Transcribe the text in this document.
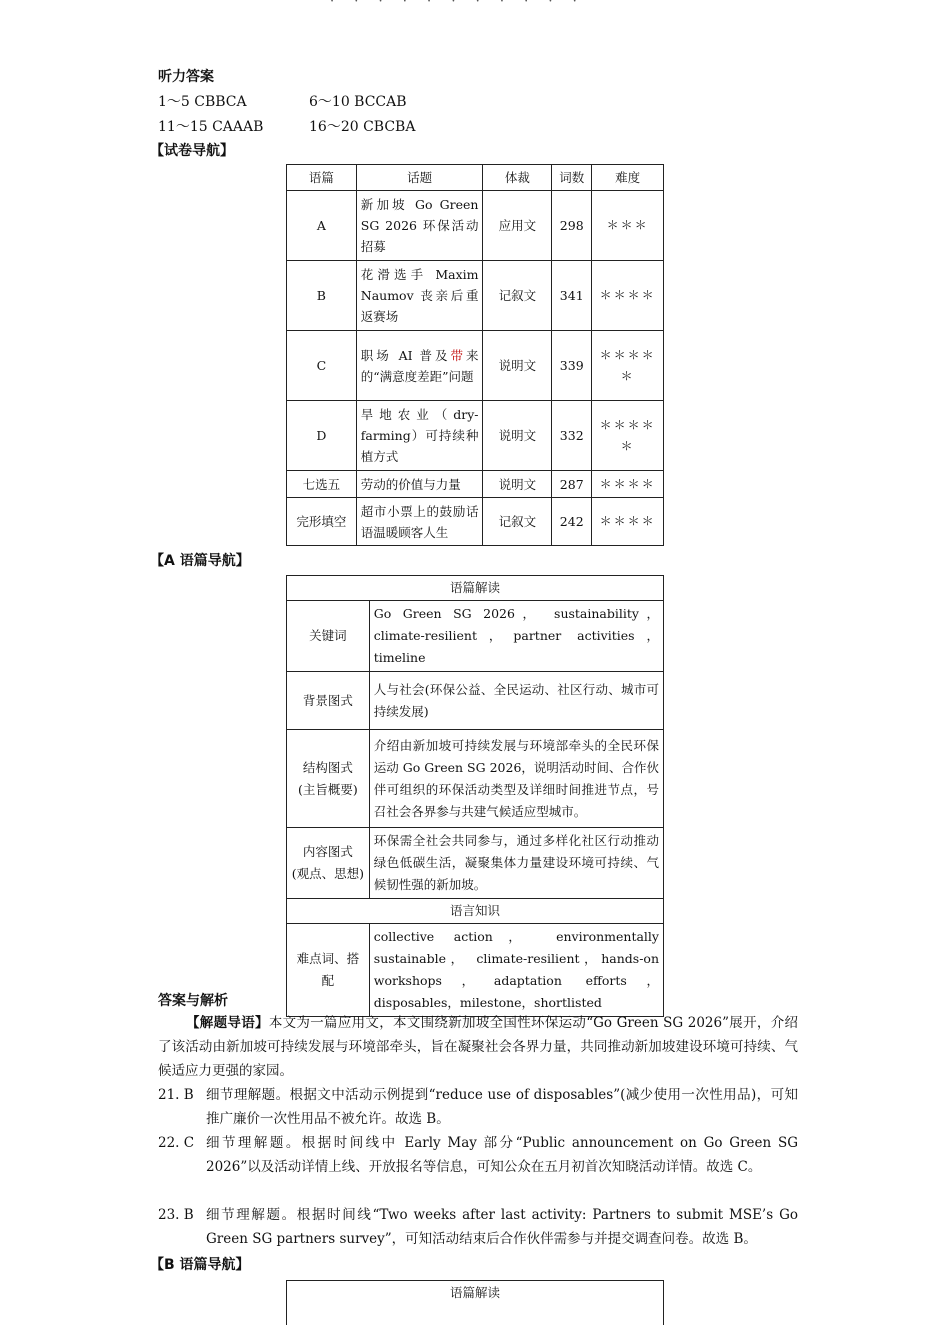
· · · · · · · · · · ·
听力答案
1～5 CBBCA	6～10 BCCAB
11～15 CAAAB	16～20 CBCBA
【试卷导航】
语篇	话题	体裁	词数	难度
A	新加坡 Go Green SG 2026 环保活动招募	应用文	298	＊＊＊
B	花滑选手 Maxim Naumov 丧亲后重返赛场	记叙文	341	＊＊＊＊
C	职场 AI 普及带来的“满意度差距”问题	说明文	339	＊＊＊＊＊
D	旱地农业（dry-farming）可持续种植方式	说明文	332	＊＊＊＊＊
七选五	劳动的价值与力量	说明文	287	＊＊＊＊
完形填空	超市小票上的鼓励话语温暖顾客人生	记叙文	242	＊＊＊＊
【A 语篇导航】
语篇解读	
关键词	Go Green SG 2026， sustainability， climate-resilient，partner activities，timeline
背景图式	人与社会(环保公益、全民运动、社区行动、城市可持续发展)
结构图式
(主旨概要)	介绍由新加坡可持续发展与环境部牵头的全民环保运动 Go Green SG 2026，说明活动时间、合作伙伴可组织的环保活动类型及详细时间推进节点，号召社会各界参与共建气候适应型城市。
内容图式
(观点、思想)	环保需全社会共同参与，通过多样化社区行动推动绿色低碳生活，凝聚集体力量建设环境可持续、气候韧性强的新加坡。
语言知识	
难点词、搭配	collective action， environmentally sustainable， climate-resilient，hands-on workshops，adaptation efforts，disposables，milestone，shortlisted
答案与解析
【解题导语】本文为一篇应用文，本文围绕新加坡全国性环保运动“Go Green SG 2026”展开，介绍了该活动由新加坡可持续发展与环境部牵头，旨在凝聚社会各界力量，共同推动新加坡建设环境可持续、气候适应力更强的家园。
21. B 细节理解题。根据文中活动示例提到“reduce use of disposables”(减少使用一次性用品)，可知推广廉价一次性用品不被允许。故选 B。
22. C 细节理解题。根据时间线中 Early May 部分“Public announcement on Go Green SG 2026”以及活动详情上线、开放报名等信息，可知公众在五月初首次知晓活动详情。故选 C。
23. B 细节理解题。根据时间线“Two weeks after last activity: Partners to submit MSE’s Go Green SG partners survey”，可知活动结束后合作伙伴需参与并提交调查问卷。故选 B。
【B 语篇导航】
语篇解读
